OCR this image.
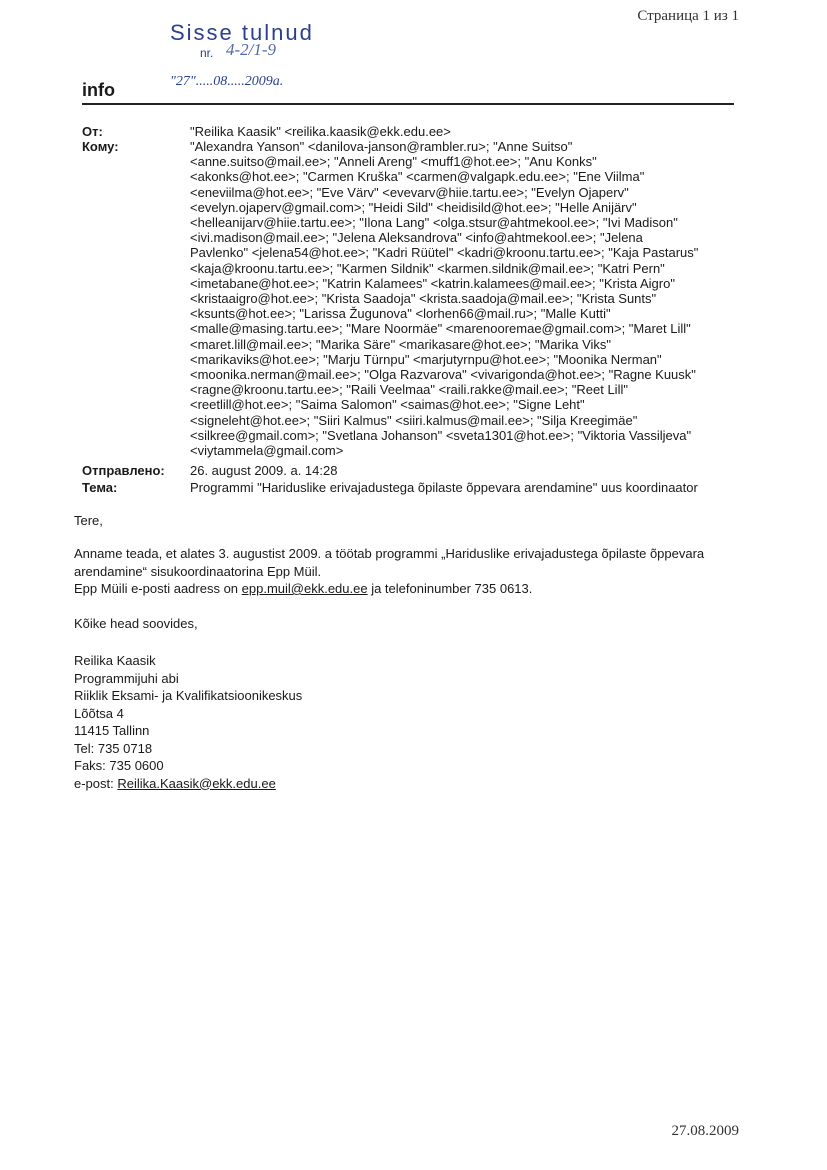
Страница 1 из 1
Sisse tulnud
nr. 4-2/1-9
"27".....08.....2009a.
info
От:	"Reilika Kaasik" <reilika.kaasik@ekk.edu.ee>
Кому:	"Alexandra Yanson" <danilova-janson@rambler.ru>; "Anne Suitso"
<anne.suitso@mail.ee>; "Anneli Areng" <muff1@hot.ee>; "Anu Konks"
<akonks@hot.ee>; "Carmen Kruška" <carmen@valgapk.edu.ee>; "Ene Viilma"
<eneviilma@hot.ee>; "Eve Värv" <evevarv@hiie.tartu.ee>; "Evelyn Ojaperv"
<evelyn.ojaperv@gmail.com>; "Heidi Sild" <heidisild@hot.ee>; "Helle Anijärv"
<helleanijarv@hiie.tartu.ee>; "Ilona Lang" <olga.stsur@ahtmekool.ee>; "Ivi Madison"
<ivi.madison@mail.ee>; "Jelena Aleksandrova" <info@ahtmekool.ee>; "Jelena
Pavlenko" <jelena54@hot.ee>; "Kadri Rüütel" <kadri@kroonu.tartu.ee>; "Kaja Pastarus"
<kaja@kroonu.tartu.ee>; "Karmen Sildnik" <karmen.sildnik@mail.ee>; "Katri Pern"
<imetabane@hot.ee>; "Katrin Kalamees" <katrin.kalamees@mail.ee>; "Krista Aigro"
<kristaaigro@hot.ee>; "Krista Saadoja" <krista.saadoja@mail.ee>; "Krista Sunts"
<ksunts@hot.ee>; "Larissa Žugunova" <lorhen66@mail.ru>; "Malle Kutti"
<malle@masing.tartu.ee>; "Mare Noormäe" <marenooremae@gmail.com>; "Maret Lill"
<maret.lill@mail.ee>; "Marika Säre" <marikasare@hot.ee>; "Marika Viks"
<marikaviks@hot.ee>; "Marju Türnpu" <marjutyrnpu@hot.ee>; "Moonika Nerman"
<moonika.nerman@mail.ee>; "Olga Razvarova" <vivarigonda@hot.ee>; "Ragne Kuusk"
<ragne@kroonu.tartu.ee>; "Raili Veelmaa" <raili.rakke@mail.ee>; "Reet Lill"
<reetlill@hot.ee>; "Saima Salomon" <saimas@hot.ee>; "Signe Leht"
<signeleht@hot.ee>; "Siiri Kalmus" <siiri.kalmus@mail.ee>; "Silja Kreegimäe"
<silkree@gmail.com>; "Svetlana Johanson" <sveta1301@hot.ee>; "Viktoria Vassiljeva"
<viytammela@gmail.com>
Отправлено: 26. august 2009. a. 14:28
Тема:	Programmi "Hariduslike erivajadustega õpilaste õppevara arendamine" uus koordinaator
Tere,
Anname teada, et alates 3. augustist 2009. a töötab programmi „Hariduslike erivajadustega õpilaste õppevara
arendamine“ sisukoordinaatorina Epp Müil.
Epp Müili e-posti aadress on epp.muil@ekk.edu.ee ja telefoninumber 735 0613.
Kõike head soovides,
Reilika Kaasik
Programmijuhi abi
Riiklik Eksami- ja Kvalifikatsioonikeskus
Lõõtsa 4
11415 Tallinn
Tel: 735 0718
Faks: 735 0600
e-post: Reilika.Kaasik@ekk.edu.ee
27.08.2009
